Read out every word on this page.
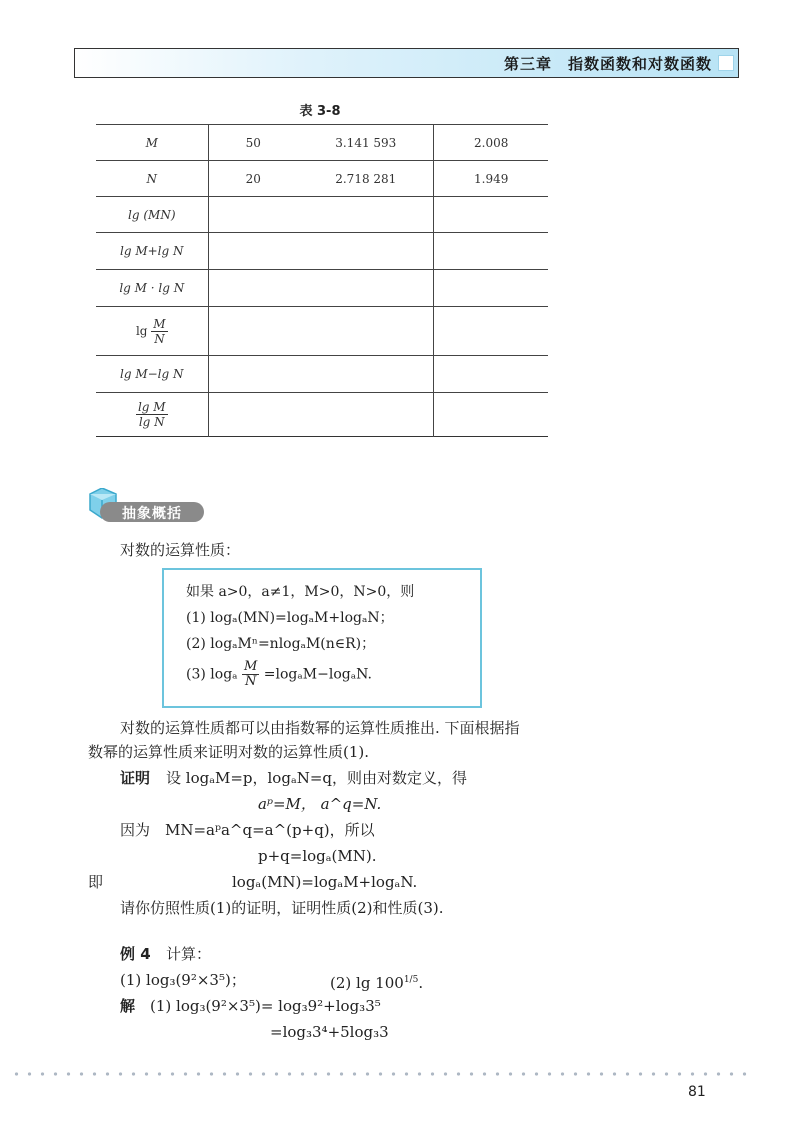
第三章　指数函数和对数函数
表 3-8
M	50 3.141 593	2.008
N	20 2.718 281	1.949
lg (MN)		
lg M+lg N		
lg M · lg N		
$\lg \frac{M}{N}$

lg M−lg N		

$\frac{\text{lg M}}{\text{lg N}}$

抽象概括
对数的运算性质：
如果 a>0，a≠1，M>0，N>0，则
(1) logₐ(MN)=logₐM+logₐN；
(2) logₐMⁿ=nlogₐM(n∈R)；
(3) logₐ $\frac{M}{N} =\log_aM-\log_aN$.
对数的运算性质都可以由指数幂的运算性质推出. 下面根据指
数幂的运算性质来证明对数的运算性质(1).
证明 设 logₐM=p，logₐN=q，则由对数定义，得
aᵖ=M， a^q=N.
因为　MN=aᵖa^q=a^(p+q)，所以
p+q=logₐ(MN).
即	logₐ(MN)=logₐM+logₐN.
请你仿照性质(1)的证明，证明性质(2)和性质(3).
例 4 计算：
(1) log₃(9²×3⁵)；	(2) $\lg 100^{1/5}$.
解 (1) log₃(9²×3⁵)= log₃9²+log₃3⁵
=log₃3⁴+5log₃3
81
